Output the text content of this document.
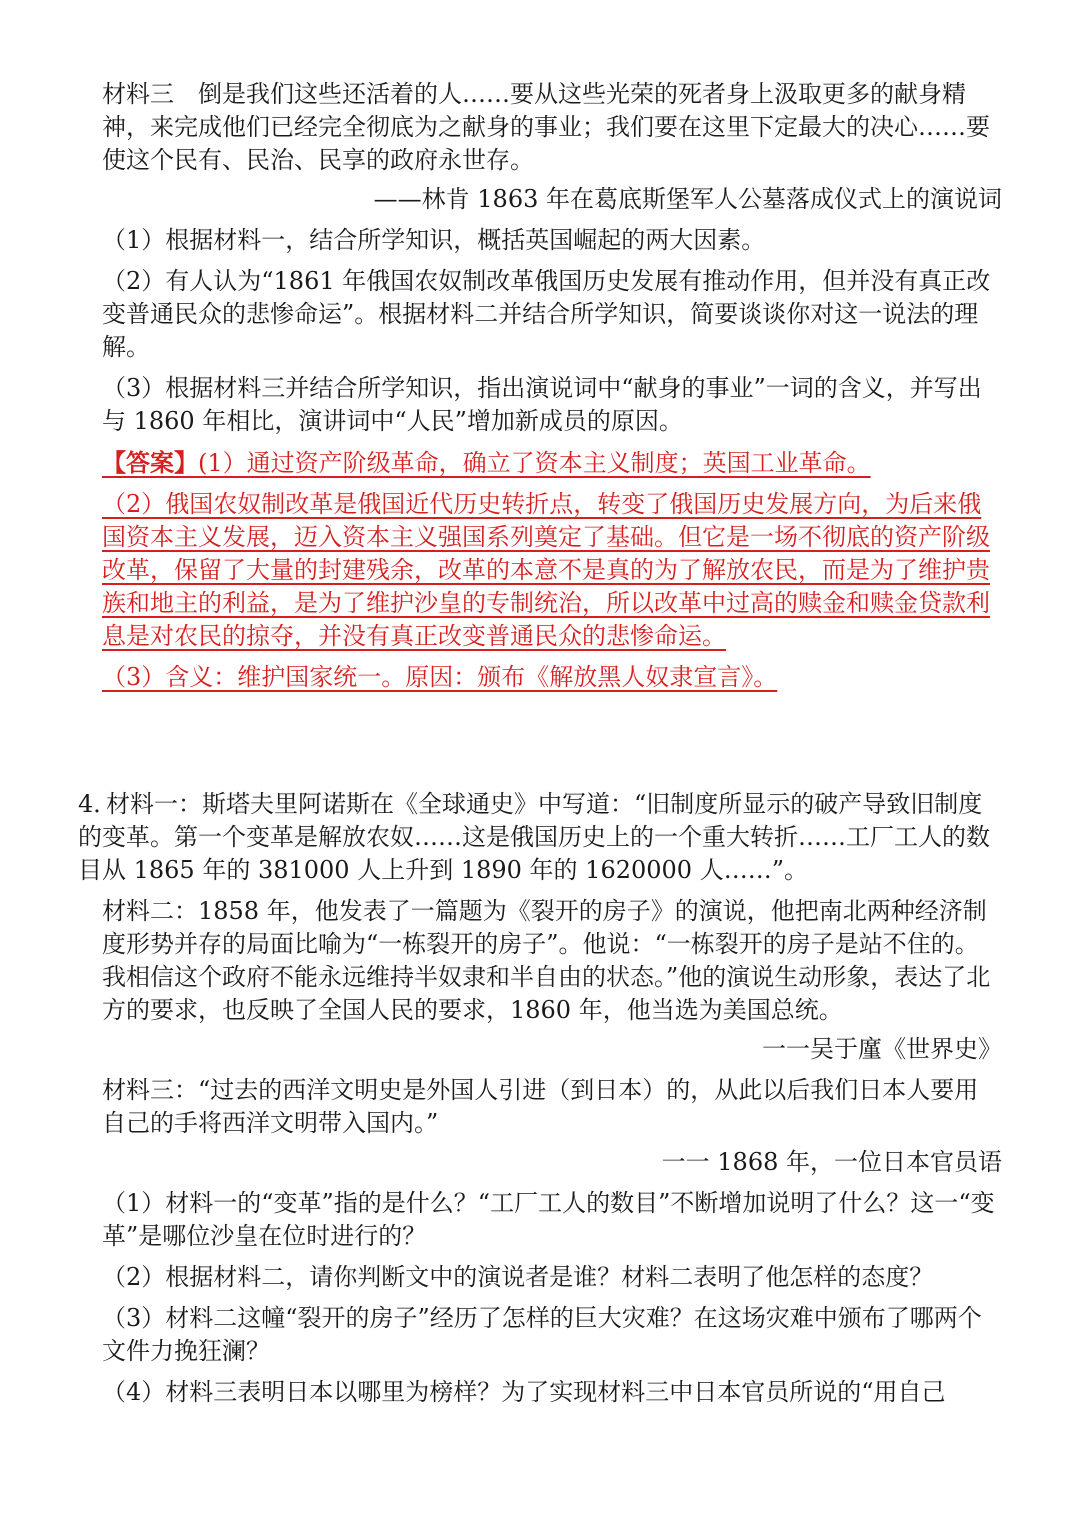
材料三　倒是我们这些还活着的人……要从这些光荣的死者身上汲取更多的献身精神，来完成他们已经完全彻底为之献身的事业；我们要在这里下定最大的决心……要使这个民有、民治、民享的政府永世存。

——林肯 1863 年在葛底斯堡军人公墓落成仪式上的演说词

（1）根据材料一，结合所学知识，概括英国崛起的两大因素。

（2）有人认为“1861 年俄国农奴制改革俄国历史发展有推动作用，但并没有真正改变普通民众的悲惨命运”。根据材料二并结合所学知识，简要谈谈你对这一说法的理解。

（3）根据材料三并结合所学知识，指出演说词中“献身的事业”一词的含义，并写出与 1860 年相比，演讲词中“人民”增加新成员的原因。

【答案】(1）通过资产阶级革命，确立了资本主义制度；英国工业革命。

（2）俄国农奴制改革是俄国近代历史转折点，转变了俄国历史发展方向，为后来俄国资本主义发展，迈入资本主义强国系列奠定了基础。但它是一场不彻底的资产阶级改革，保留了大量的封建残余，改革的本意不是真的为了解放农民，而是为了维护贵族和地主的利益，是为了维护沙皇的专制统治，所以改革中过高的赎金和赎金贷款利息是对农民的掠夺，并没有真正改变普通民众的悲惨命运。

（3）含义：维护国家统一。原因：颁布《解放黑人奴隶宣言》。

4．材料一：斯塔夫里阿诺斯在《全球通史》中写道：“旧制度所显示的破产导致旧制度的变革。第一个变革是解放农奴……这是俄国历史上的一个重大转折……工厂工人的数目从 1865 年的 381000 人上升到 1890 年的 1620000 人……”。

材料二：1858 年，他发表了一篇题为《裂开的房子》的演说，他把南北两种经济制度形势并存的局面比喻为“一栋裂开的房子”。他说：“一栋裂开的房子是站不住的。我相信这个政府不能永远维持半奴隶和半自由的状态。”他的演说生动形象，表达了北方的要求，也反映了全国人民的要求，1860 年，他当选为美国总统。

一一吴于廑《世界史》

材料三：“过去的西洋文明史是外国人引进（到日本）的，从此以后我们日本人要用自己的手将西洋文明带入国内。”

一一 1868 年，一位日本官员语

（1）材料一的“变革”指的是什么？“工厂工人的数目”不断增加说明了什么？这一“变革”是哪位沙皇在位时进行的？

（2）根据材料二，请你判断文中的演说者是谁？材料二表明了他怎样的态度？

（3）材料二这幢“裂开的房子”经历了怎样的巨大灾难？在这场灾难中颁布了哪两个文件力挽狂澜？

（4）材料三表明日本以哪里为榜样？为了实现材料三中日本官员所说的“用自己
